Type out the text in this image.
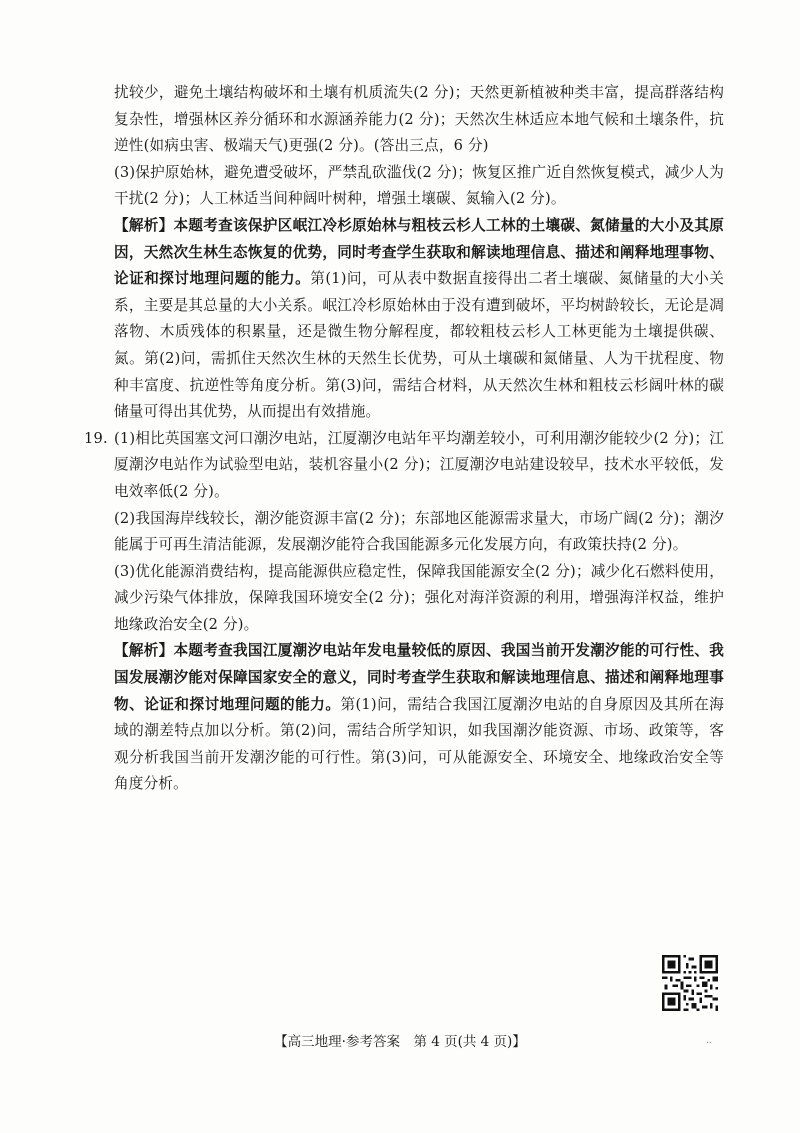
扰较少，避免土壤结构破坏和土壤有机质流失(2 分)；天然更新植被种类丰富，提高群落结构复杂性，增强林区养分循环和水源涵养能力(2 分)；天然次生林适应本地气候和土壤条件，抗逆性(如病虫害、极端天气)更强(2 分)。(答出三点，6 分)

(3)保护原始林，避免遭受破坏，严禁乱砍滥伐(2 分)；恢复区推广近自然恢复模式，减少人为干扰(2 分)；人工林适当间种阔叶树种，增强土壤碳、氮输入(2 分)。

【解析】本题考查该保护区岷江冷杉原始林与粗枝云杉人工林的土壤碳、氮储量的大小及其原因，天然次生林生态恢复的优势，同时考查学生获取和解读地理信息、描述和阐释地理事物、论证和探讨地理问题的能力。第(1)问，可从表中数据直接得出二者土壤碳、氮储量的大小关系，主要是其总量的大小关系。岷江冷杉原始林由于没有遭到破坏，平均树龄较长，无论是凋落物、木质残体的积累量，还是微生物分解程度，都较粗枝云杉人工林更能为土壤提供碳、氮。第(2)问，需抓住天然次生林的天然生长优势，可从土壤碳和氮储量、人为干扰程度、物种丰富度、抗逆性等角度分析。第(3)问，需结合材料，从天然次生林和粗枝云杉阔叶林的碳储量可得出其优势，从而提出有效措施。

19. (1)相比英国塞文河口潮汐电站，江厦潮汐电站年平均潮差较小，可利用潮汐能较少(2 分)；江厦潮汐电站作为试验型电站，装机容量小(2 分)；江厦潮汐电站建设较早，技术水平较低，发电效率低(2 分)。

(2)我国海岸线较长，潮汐能资源丰富(2 分)；东部地区能源需求量大，市场广阔(2 分)；潮汐能属于可再生清洁能源，发展潮汐能符合我国能源多元化发展方向，有政策扶持(2 分)。

(3)优化能源消费结构，提高能源供应稳定性，保障我国能源安全(2 分)；减少化石燃料使用，减少污染气体排放，保障我国环境安全(2 分)；强化对海洋资源的利用，增强海洋权益，维护地缘政治安全(2 分)。

【解析】本题考查我国江厦潮汐电站年发电量较低的原因、我国当前开发潮汐能的可行性、我国发展潮汐能对保障国家安全的意义，同时考查学生获取和解读地理信息、描述和阐释地理事物、论证和探讨地理问题的能力。第(1)问，需结合我国江厦潮汐电站的自身原因及其所在海域的潮差特点加以分析。第(2)问，需结合所学知识，如我国潮汐能资源、市场、政策等，客观分析我国当前开发潮汐能的可行性。第(3)问，可从能源安全、环境安全、地缘政治安全等角度分析。

【高三地理·参考答案　第 4 页(共 4 页)】	..
